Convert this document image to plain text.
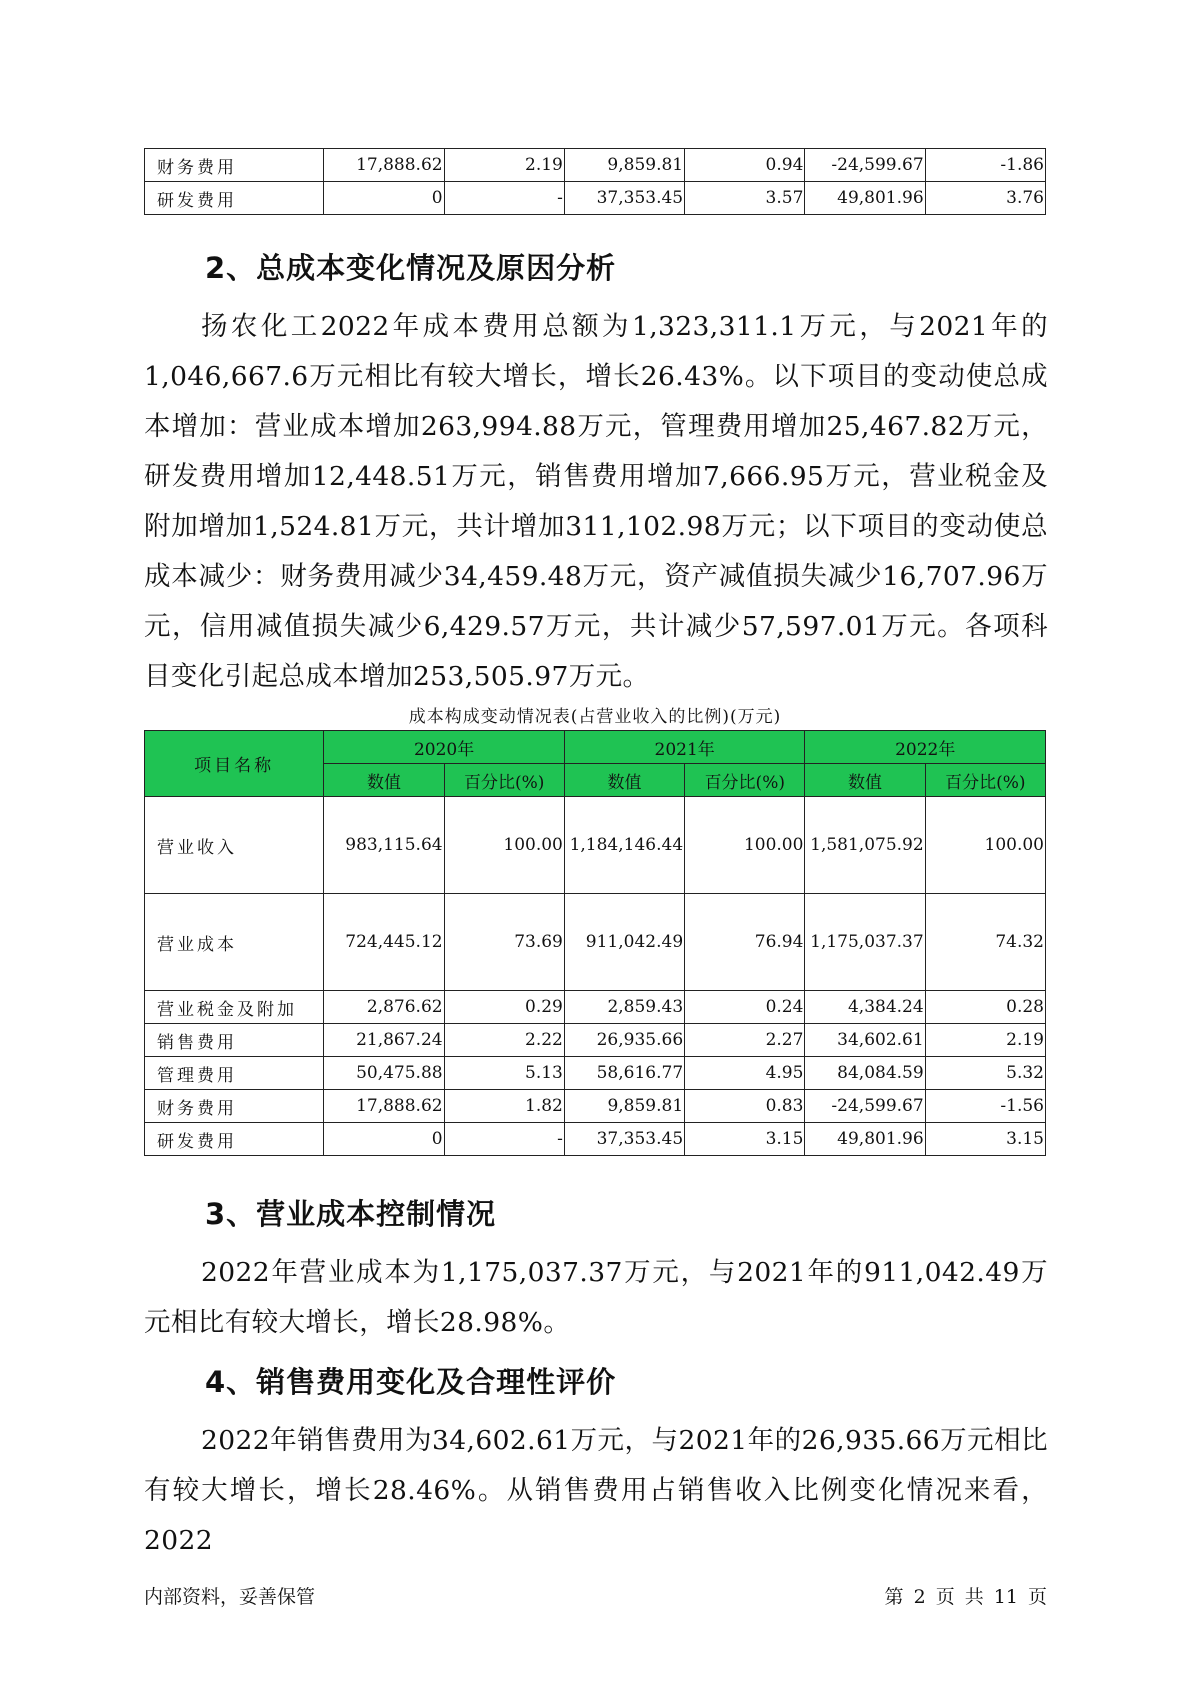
财务费用	17,888.62	2.19	9,859.81	0.94	-24,599.67	-1.86
研发费用	0	-	37,353.45	3.57	49,801.96	3.76
2、总成本变化情况及原因分析

扬农化工2022年成本费用总额为1,323,311.1万元，与2021年的1,046,667.6万元相比有较大增长，增长26.43%。以下项目的变动使总成本增加：营业成本增加263,994.88万元，管理费用增加25,467.82万元，研发费用增加12,448.51万元，销售费用增加7,666.95万元，营业税金及附加增加1,524.81万元，共计增加311,102.98万元；以下项目的变动使总成本减少：财务费用减少34,459.48万元，资产减值损失减少16,707.96万元，信用减值损失减少6,429.57万元，共计减少57,597.01万元。各项科目变化引起总成本增加253,505.97万元。

成本构成变动情况表(占营业收入的比例)(万元)
项目名称	2020年		2021年		2022年	
	数值	百分比(%)	数值	百分比(%)	数值	百分比(%)
营业收入	983,115.64	100.00	1,184,146.44	100.00	1,581,075.92	100.00
营业成本	724,445.12	73.69	911,042.49	76.94	1,175,037.37	74.32
营业税金及附加	2,876.62	0.29	2,859.43	0.24	4,384.24	0.28
销售费用	21,867.24	2.22	26,935.66	2.27	34,602.61	2.19
管理费用	50,475.88	5.13	58,616.77	4.95	84,084.59	5.32
财务费用	17,888.62	1.82	9,859.81	0.83	-24,599.67	-1.56
研发费用	0	-	37,353.45	3.15	49,801.96	3.15
3、营业成本控制情况

2022年营业成本为1,175,037.37万元，与2021年的911,042.49万元相比有较大增长，增长28.98%。

4、销售费用变化及合理性评价

2022年销售费用为34,602.61万元，与2021年的26,935.66万元相比有较大增长，增长28.46%。从销售费用占销售收入比例变化情况来看，2022

内部资料，妥善保管	第 2 页 共 11 页
